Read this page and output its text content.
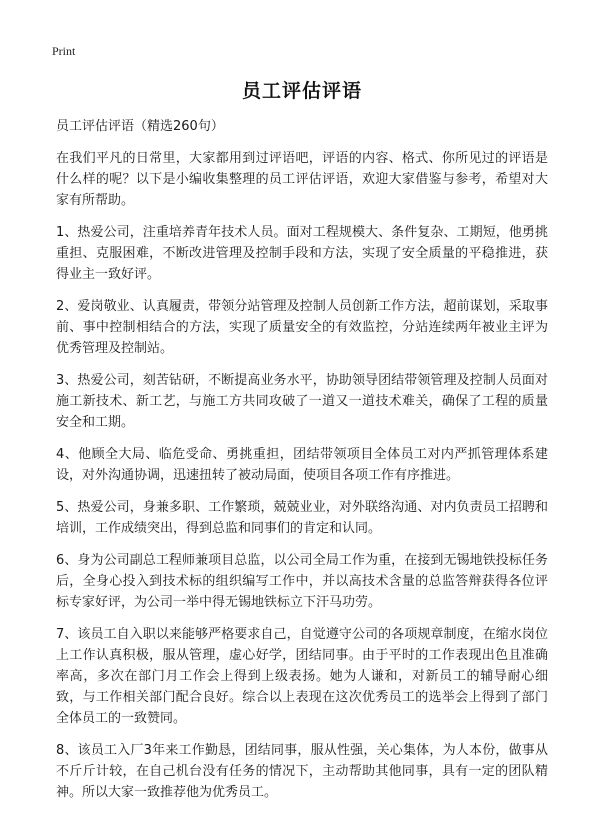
Print
员工评估评语

员工评估评语（精选260句）

在我们平凡的日常里，大家都用到过评语吧，评语的内容、格式、你所见过的评语是什么样的呢？以下是小编收集整理的员工评估评语，欢迎大家借鉴与参考，希望对大家有所帮助。

1、热爱公司，注重培养青年技术人员。面对工程规模大、条件复杂、工期短，他勇挑重担、克服困难，不断改进管理及控制手段和方法，实现了安全质量的平稳推进，获得业主一致好评。

2、爱岗敬业、认真履责，带领分站管理及控制人员创新工作方法，超前谋划，采取事前、事中控制相结合的方法，实现了质量安全的有效监控，分站连续两年被业主评为优秀管理及控制站。

3、热爱公司，刻苦钻研，不断提高业务水平，协助领导团结带领管理及控制人员面对施工新技术、新工艺，与施工方共同攻破了一道又一道技术难关，确保了工程的质量安全和工期。

4、他顾全大局、临危受命、勇挑重担，团结带领项目全体员工对内严抓管理体系建设，对外沟通协调，迅速扭转了被动局面，使项目各项工作有序推进。

5、热爱公司，身兼多职、工作繁琐，兢兢业业，对外联络沟通、对内负责员工招聘和培训，工作成绩突出，得到总监和同事们的肯定和认同。

6、身为公司副总工程师兼项目总监，以公司全局工作为重，在接到无锡地铁投标任务后，全身心投入到技术标的组织编写工作中，并以高技术含量的总监答辩获得各位评标专家好评，为公司一举中得无锡地铁标立下汗马功劳。

7、该员工自入职以来能够严格要求自己，自觉遵守公司的各项规章制度，在缩水岗位上工作认真积极，服从管理，虚心好学，团结同事。由于平时的工作表现出色且准确率高，多次在部门月工作会上得到上级表扬。她为人谦和，对新员工的辅导耐心细致，与工作相关部门配合良好。综合以上表现在这次优秀员工的选举会上得到了部门全体员工的一致赞同。

8、该员工入厂3年来工作勤恳，团结同事，服从性强，关心集体，为人本份，做事从不斤斤计较，在自己机台没有任务的情况下，主动帮助其他同事，具有一定的团队精神。所以大家一致推荐他为优秀员工。
